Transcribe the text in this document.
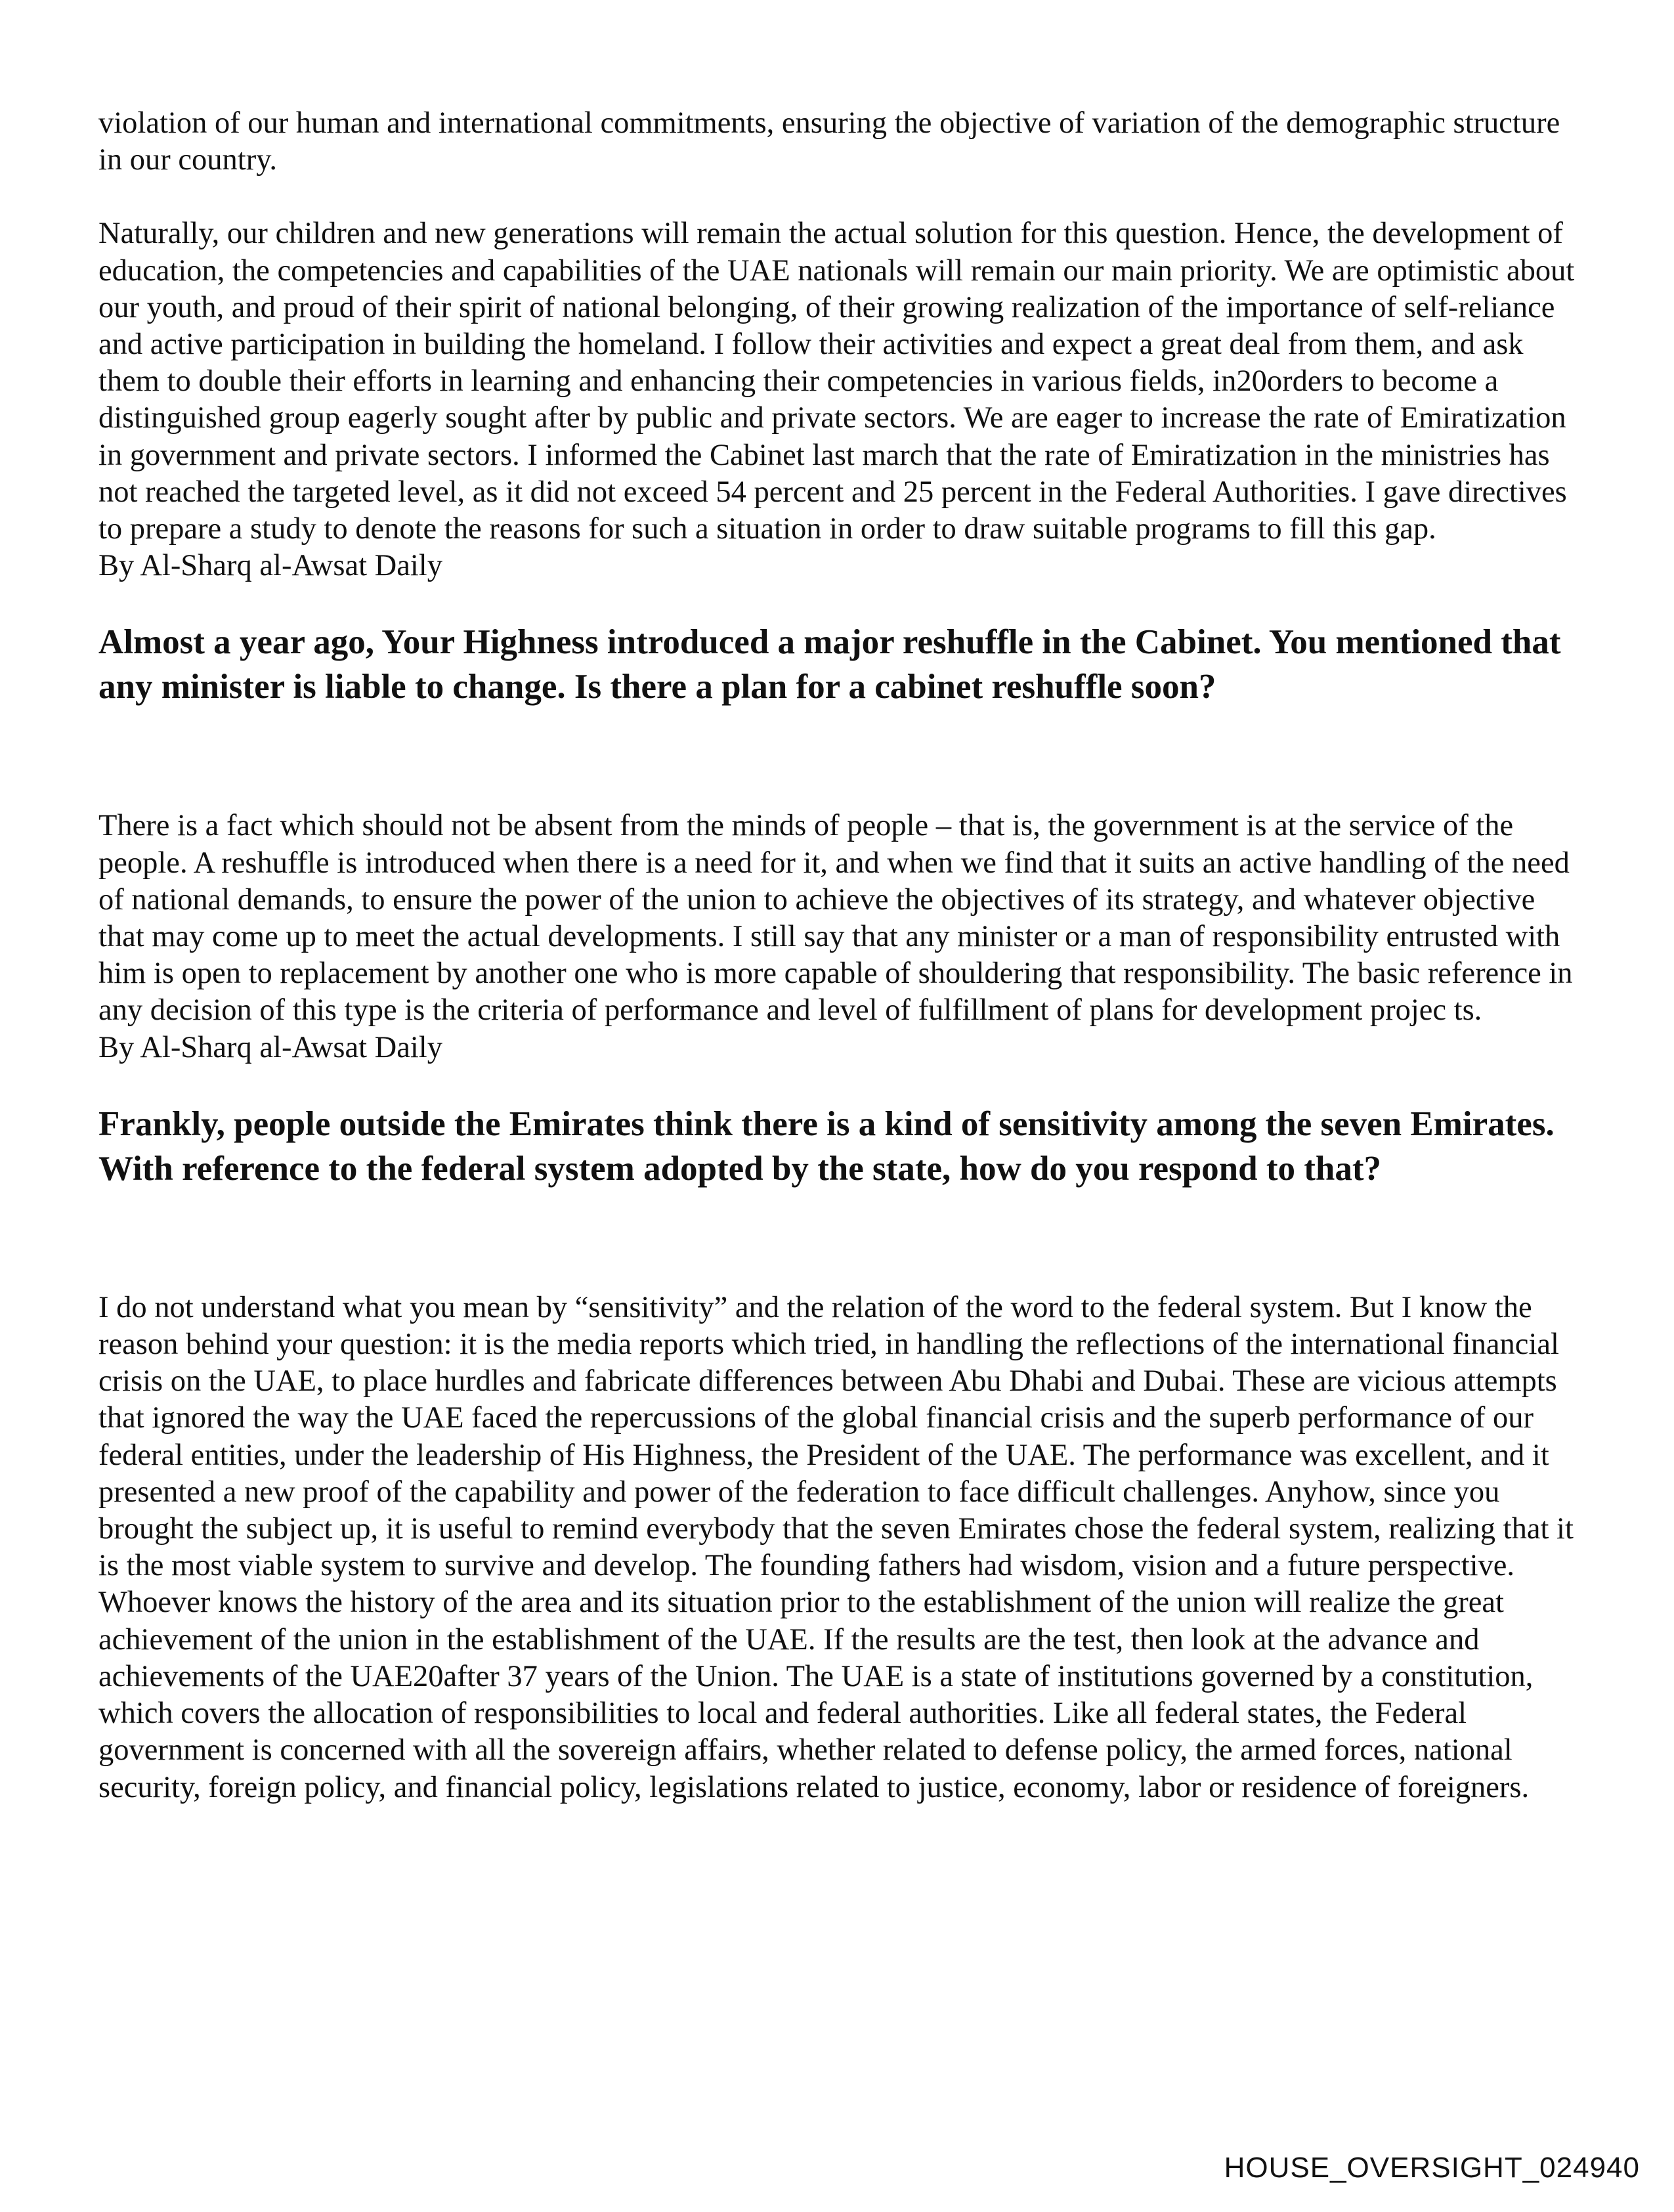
violation of our human and international commitments, ensuring the objective of variation of the demographic structure in our country.

Naturally, our children and new generations will remain the actual solution for this question. Hence, the development of education, the competencies and capabilities of the UAE nationals will remain our main priority. We are optimistic about our youth, and proud of their spirit of national belonging, of their growing realization of the importance of self-reliance and active participation in building the homeland. I follow their activities and expect a great deal from them, and ask them to double their efforts in learning and enhancing their competencies in various fields, in20orders to become a distinguished group eagerly sought after by public and private sectors. We are eager to increase the rate of Emiratization in government and private sectors. I informed the Cabinet last march that the rate of Emiratization in the ministries has not reached the targeted level, as it did not exceed 54 percent and 25 percent in the Federal Authorities. I gave directives to prepare a study to denote the reasons for such a situation in order to draw suitable programs to fill this gap.

By Al-Sharq al-Awsat Daily

Almost a year ago, Your Highness introduced a major reshuffle in the Cabinet. You mentioned that any minister is liable to change. Is there a plan for a cabinet reshuffle soon?

There is a fact which should not be absent from the minds of people – that is, the government is at the service of the people. A reshuffle is introduced when there is a need for it, and when we find that it suits an active handling of the need of national demands, to ensure the power of the union to achieve the objectives of its strategy, and whatever objective that may come up to meet the actual developments. I still say that any minister or a man of responsibility entrusted with him is open to replacement by another one who is more capable of shouldering that responsibility. The basic reference in any decision of this type is the criteria of performance and level of fulfillment of plans for development projec ts.

By Al-Sharq al-Awsat Daily

Frankly, people outside the Emirates think there is a kind of sensitivity among the seven Emirates. With reference to the federal system adopted by the state, how do you respond to that?

I do not understand what you mean by “sensitivity” and the relation of the word to the federal system. But I know the reason behind your question: it is the media reports which tried, in handling the reflections of the international financial crisis on the UAE, to place hurdles and fabricate differences between Abu Dhabi and Dubai. These are vicious attempts that ignored the way the UAE faced the repercussions of the global financial crisis and the superb performance of our federal entities, under the leadership of His Highness, the President of the UAE. The performance was excellent, and it presented a new proof of the capability and power of the federation to face difficult challenges. Anyhow, since you brought the subject up, it is useful to remind everybody that the seven Emirates chose the federal system, realizing that it is the most viable system to survive and develop. The founding fathers had wisdom, vision and a future perspective. Whoever knows the history of the area and its situation prior to the establishment of the union will realize the great achievement of the union in the establishment of the UAE. If the results are the test, then look at the advance and achievements of the UAE20after 37 years of the Union. The UAE is a state of institutions governed by a constitution, which covers the allocation of responsibilities to local and federal authorities. Like all federal states, the Federal government is concerned with all the sovereign affairs, whether related to defense policy, the armed forces, national security, foreign policy, and financial policy, legislations related to justice, economy, labor or residence of foreigners.

HOUSE_OVERSIGHT_024940
